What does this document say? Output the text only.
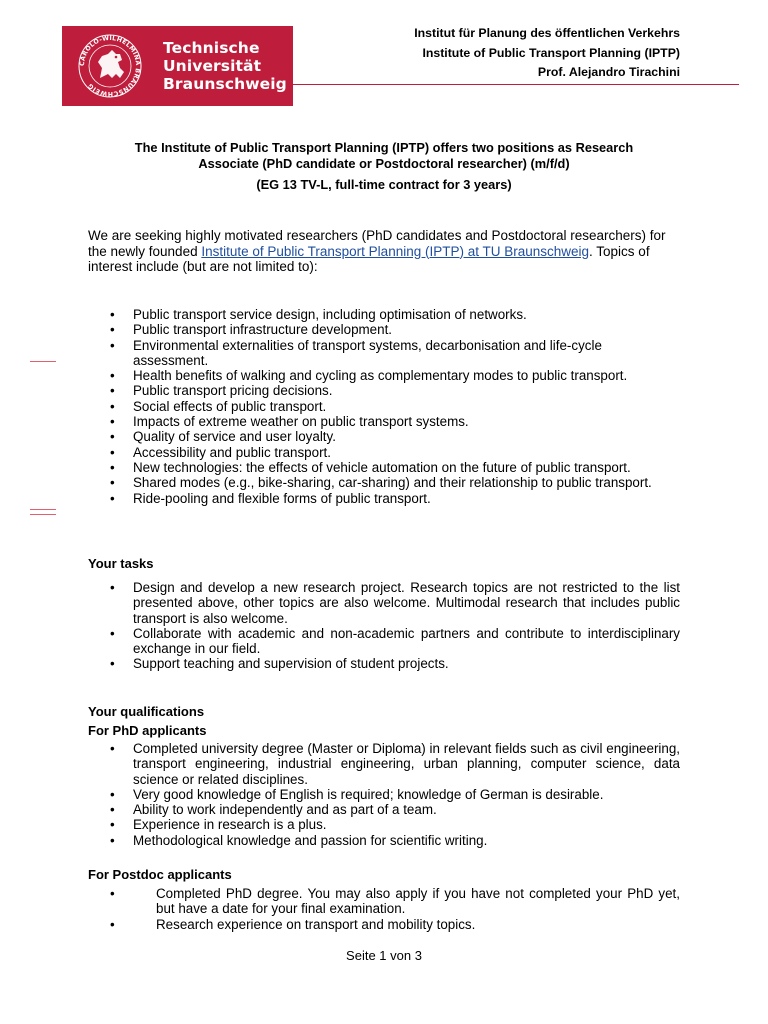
CAROLO-WILHELMINA BRAUNSCHWEIG
Technische
Universität
Braunschweig
Institut für Planung des öffentlichen Verkehrs
Institute of Public Transport Planning (IPTP)
Prof. Alejandro Tirachini
The Institute of Public Transport Planning (IPTP) offers two positions as Research
Associate (PhD candidate or Postdoctoral researcher) (m/f/d)
(EG 13 TV-L, full-time contract for 3 years)
We are seeking highly motivated researchers (PhD candidates and Postdoctoral researchers) for the newly founded Institute of Public Transport Planning (IPTP) at TU Braunschweig. Topics of interest include (but are not limited to):
• Public transport service design, including optimisation of networks.
• Public transport infrastructure development.
• Environmental externalities of transport systems, decarbonisation and life-cycle assessment.
• Health benefits of walking and cycling as complementary modes to public transport.
• Public transport pricing decisions.
• Social effects of public transport.
• Impacts of extreme weather on public transport systems.
• Quality of service and user loyalty.
• Accessibility and public transport.
• New technologies: the effects of vehicle automation on the future of public transport.
• Shared modes (e.g., bike-sharing, car-sharing) and their relationship to public transport.
• Ride-pooling and flexible forms of public transport.
Your tasks
• Design and develop a new research project. Research topics are not restricted to the list presented above, other topics are also welcome. Multimodal research that includes public transport is also welcome.
• Collaborate with academic and non-academic partners and contribute to interdisciplinary exchange in our field.
• Support teaching and supervision of student projects.
Your qualifications
For PhD applicants
• Completed university degree (Master or Diploma) in relevant fields such as civil engineering, transport engineering, industrial engineering, urban planning, computer science, data science or related disciplines.
• Very good knowledge of English is required; knowledge of German is desirable.
• Ability to work independently and as part of a team.
• Experience in research is a plus.
• Methodological knowledge and passion for scientific writing.
For Postdoc applicants
•	Completed PhD degree. You may also apply if you have not completed your PhD yet, but have a date for your final examination.
•	Research experience on transport and mobility topics.
Seite 1 von 3
